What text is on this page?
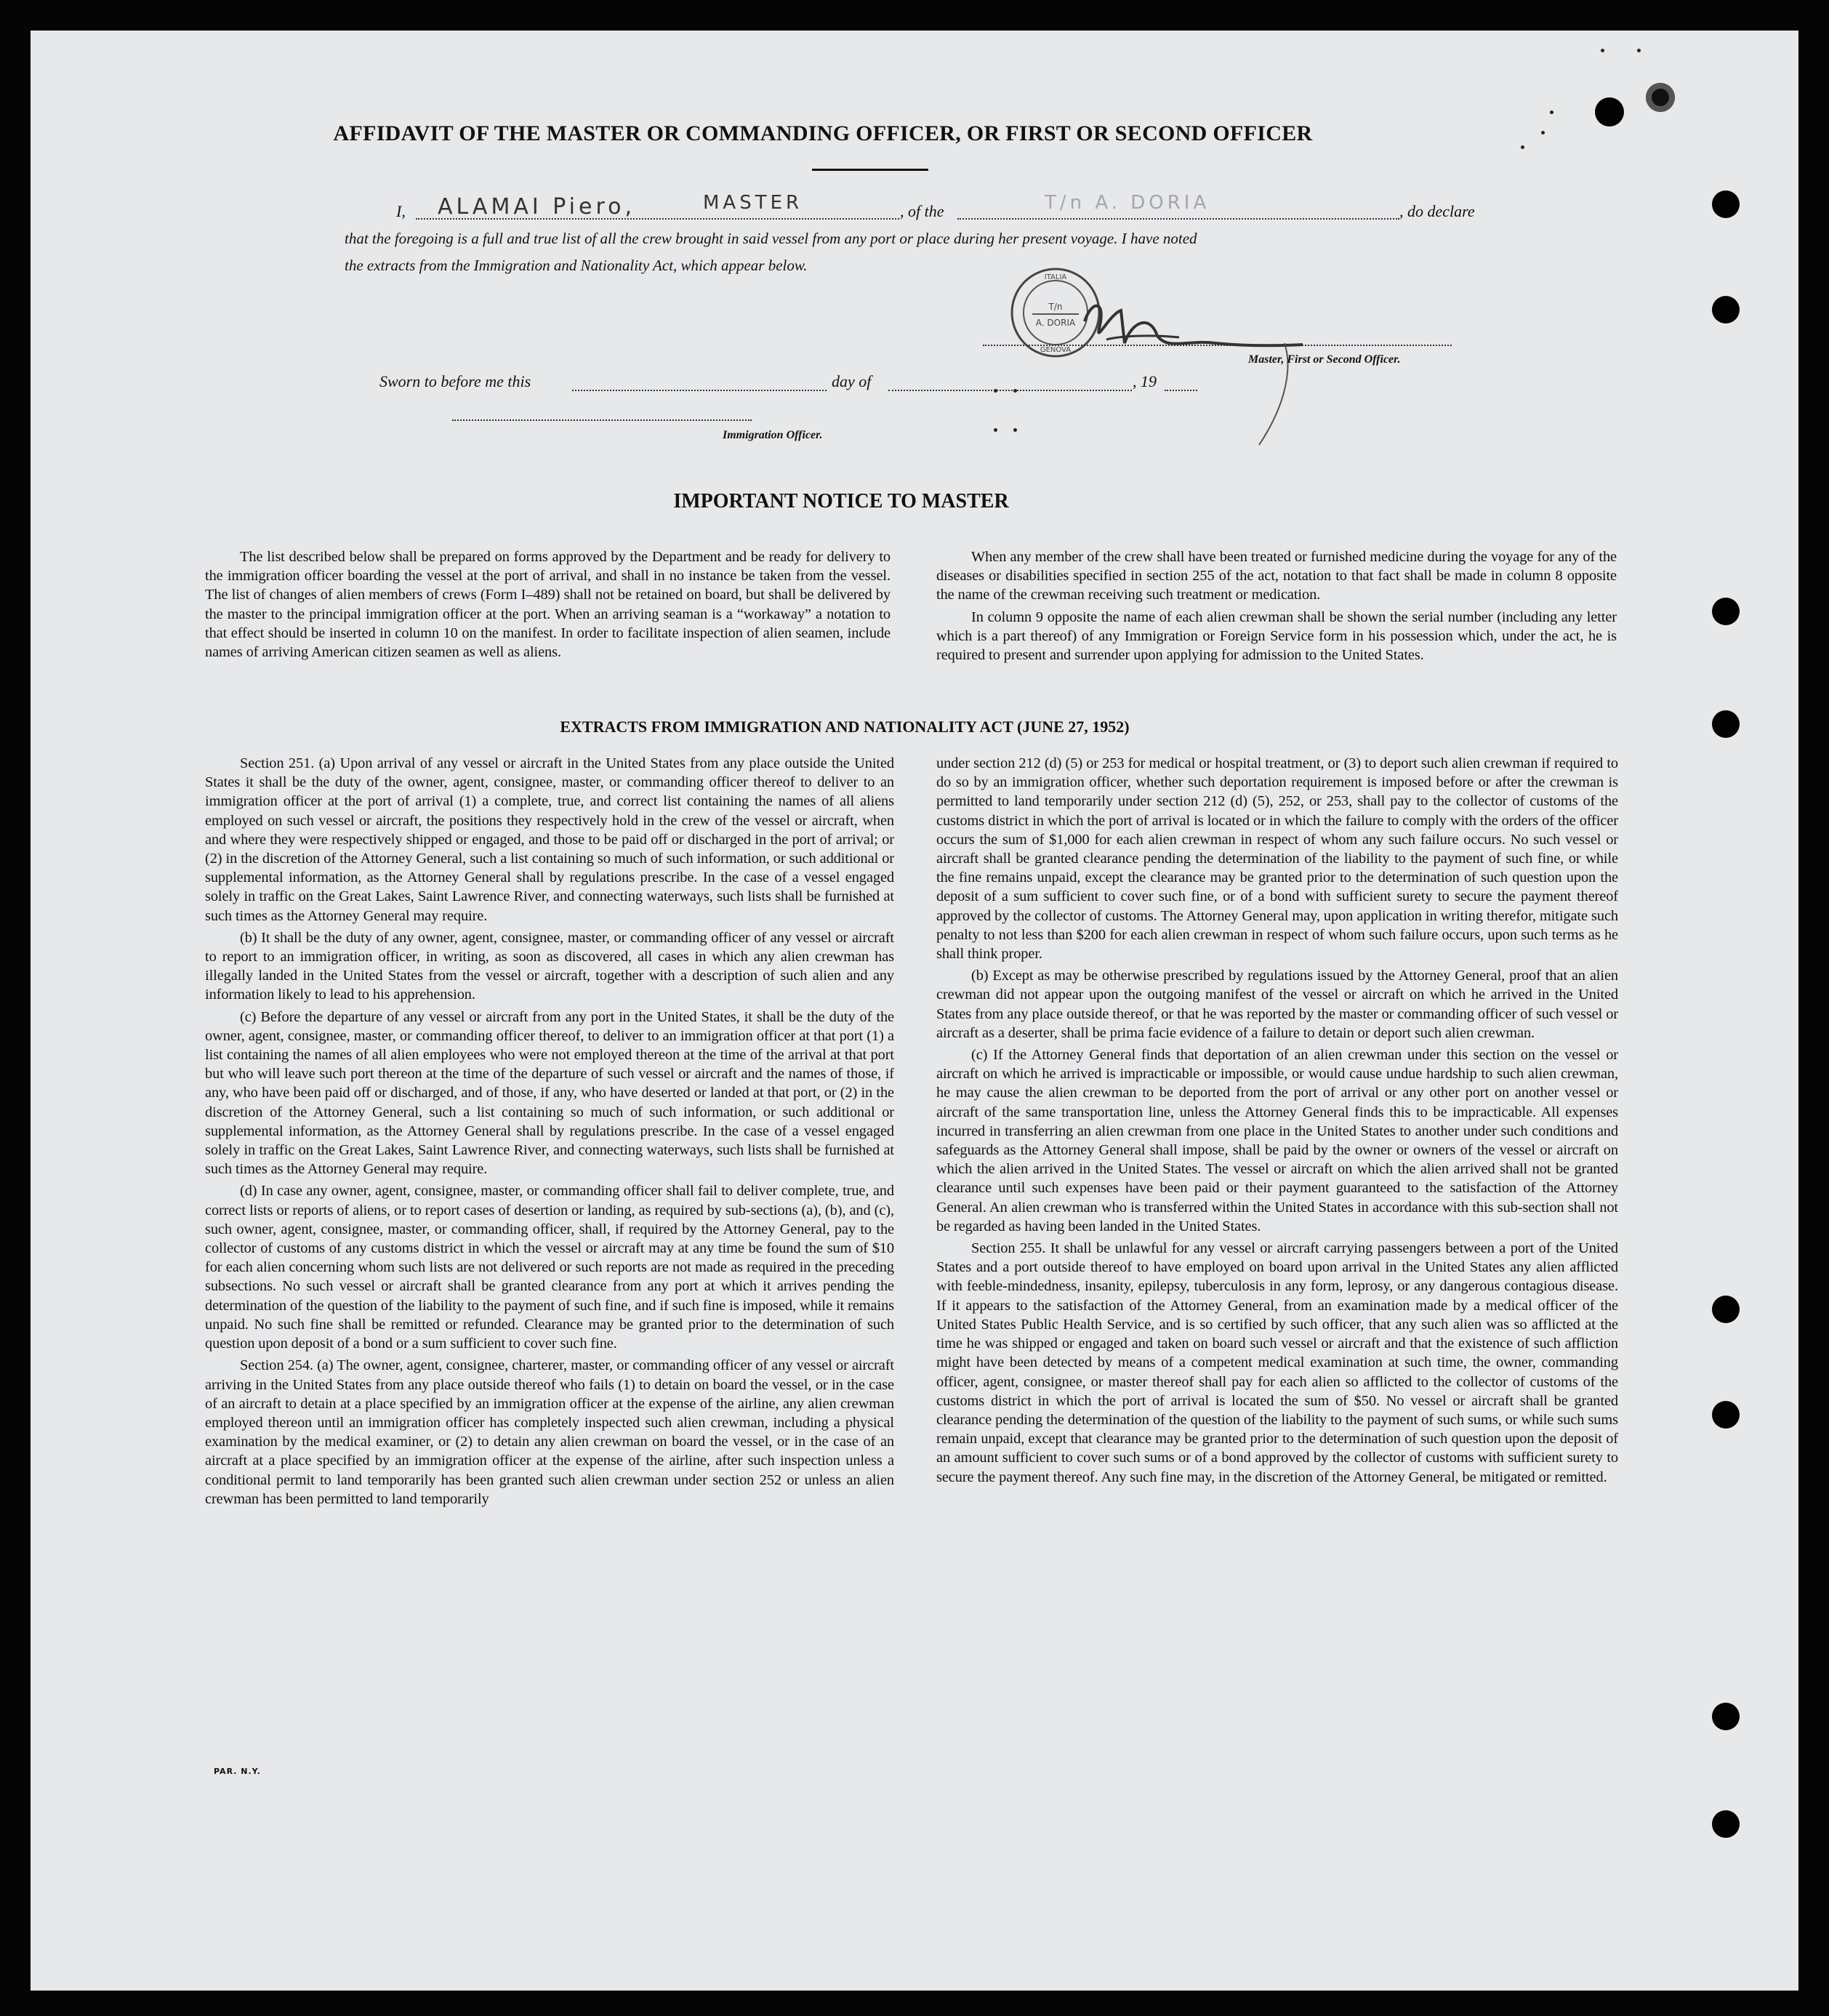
AFFIDAVIT OF THE MASTER OR COMMANDING OFFICER, OR FIRST OR SECOND OFFICER
I, ALAMAI Piero,	MASTER	, of the	T/n A. DORIA	, do declare
that the foregoing is a full and true list of all the crew brought in said vessel from any port or place during her present voyage. I have noted
the extracts from the Immigration and Nationality Act, which appear below.
T/n
A. DORIA
ITALIA
GENOVA
Master, First or Second Officer.
Sworn to before me this	day of	, 19
Immigration Officer.
IMPORTANT NOTICE TO MASTER

The list described below shall be prepared on forms approved by the Department and be ready for delivery to the immigration officer boarding the vessel at the port of arrival, and shall in no instance be taken from the vessel. The list of changes of alien members of crews (Form I–489) shall not be retained on board, but shall be delivered by the master to the principal immigration officer at the port. When an arriving seaman is a “workaway” a notation to that effect should be inserted in column 10 on the manifest. In order to facilitate inspection of alien seamen, include names of arriving American citizen seamen as well as aliens.

When any member of the crew shall have been treated or furnished medicine during the voyage for any of the diseases or disabilities specified in section 255 of the act, notation to that fact shall be made in column 8 opposite the name of the crewman receiving such treatment or medication.

In column 9 opposite the name of each alien crewman shall be shown the serial number (including any letter which is a part thereof) of any Immigration or Foreign Service form in his possession which, under the act, he is required to present and surrender upon applying for admission to the United States.

EXTRACTS FROM IMMIGRATION AND NATIONALITY ACT (JUNE 27, 1952)

Section 251. (a) Upon arrival of any vessel or aircraft in the United States from any place outside the United States it shall be the duty of the owner, agent, consignee, master, or commanding officer thereof to deliver to an immigration officer at the port of arrival (1) a complete, true, and correct list containing the names of all aliens employed on such vessel or aircraft, the positions they respectively hold in the crew of the vessel or aircraft, when and where they were respectively shipped or engaged, and those to be paid off or discharged in the port of arrival; or (2) in the discretion of the Attorney General, such a list containing so much of such information, or such additional or supplemental information, as the Attorney General shall by regulations prescribe. In the case of a vessel engaged solely in traffic on the Great Lakes, Saint Lawrence River, and connecting waterways, such lists shall be furnished at such times as the Attorney General may require.

(b) It shall be the duty of any owner, agent, consignee, master, or commanding officer of any vessel or aircraft to report to an immigration officer, in writing, as soon as discovered, all cases in which any alien crewman has illegally landed in the United States from the vessel or aircraft, together with a description of such alien and any information likely to lead to his apprehension.

(c) Before the departure of any vessel or aircraft from any port in the United States, it shall be the duty of the owner, agent, consignee, master, or commanding officer thereof, to deliver to an immigration officer at that port (1) a list containing the names of all alien employees who were not employed thereon at the time of the arrival at that port but who will leave such port thereon at the time of the departure of such vessel or aircraft and the names of those, if any, who have been paid off or discharged, and of those, if any, who have deserted or landed at that port, or (2) in the discretion of the Attorney General, such a list containing so much of such information, or such additional or supplemental information, as the Attorney General shall by regulations prescribe. In the case of a vessel engaged solely in traffic on the Great Lakes, Saint Lawrence River, and connecting waterways, such lists shall be furnished at such times as the Attorney General may require.

(d) In case any owner, agent, consignee, master, or commanding officer shall fail to deliver complete, true, and correct lists or reports of aliens, or to report cases of desertion or landing, as required by sub-sections (a), (b), and (c), such owner, agent, consignee, master, or commanding officer, shall, if required by the Attorney General, pay to the collector of customs of any customs district in which the vessel or aircraft may at any time be found the sum of $10 for each alien concerning whom such lists are not delivered or such reports are not made as required in the preceding subsections. No such vessel or aircraft shall be granted clearance from any port at which it arrives pending the determination of the question of the liability to the payment of such fine, and if such fine is imposed, while it remains unpaid. No such fine shall be remitted or refunded. Clearance may be granted prior to the determination of such question upon deposit of a bond or a sum sufficient to cover such fine.

Section 254. (a) The owner, agent, consignee, charterer, master, or commanding officer of any vessel or aircraft arriving in the United States from any place outside thereof who fails (1) to detain on board the vessel, or in the case of an aircraft to detain at a place specified by an immigration officer at the expense of the airline, any alien crewman employed thereon until an immigration officer has completely inspected such alien crewman, including a physical examination by the medical examiner, or (2) to detain any alien crewman on board the vessel, or in the case of an aircraft at a place specified by an immigration officer at the expense of the airline, after such inspection unless a conditional permit to land temporarily has been granted such alien crewman under section 252 or unless an alien crewman has been permitted to land temporarily

under section 212 (d) (5) or 253 for medical or hospital treatment, or (3) to deport such alien crewman if required to do so by an immigration officer, whether such deportation requirement is imposed before or after the crewman is permitted to land temporarily under section 212 (d) (5), 252, or 253, shall pay to the collector of customs of the customs district in which the port of arrival is located or in which the failure to comply with the orders of the officer occurs the sum of $1,000 for each alien crewman in respect of whom any such failure occurs. No such vessel or aircraft shall be granted clearance pending the determination of the liability to the payment of such fine, or while the fine remains unpaid, except the clearance may be granted prior to the determination of such question upon the deposit of a sum sufficient to cover such fine, or of a bond with sufficient surety to secure the payment thereof approved by the collector of customs. The Attorney General may, upon application in writing therefor, mitigate such penalty to not less than $200 for each alien crewman in respect of whom such failure occurs, upon such terms as he shall think proper.

(b) Except as may be otherwise prescribed by regulations issued by the Attorney General, proof that an alien crewman did not appear upon the outgoing manifest of the vessel or aircraft on which he arrived in the United States from any place outside thereof, or that he was reported by the master or commanding officer of such vessel or aircraft as a deserter, shall be prima facie evidence of a failure to detain or deport such alien crewman.

(c) If the Attorney General finds that deportation of an alien crewman under this section on the vessel or aircraft on which he arrived is impracticable or impossible, or would cause undue hardship to such alien crewman, he may cause the alien crewman to be deported from the port of arrival or any other port on another vessel or aircraft of the same transportation line, unless the Attorney General finds this to be impracticable. All expenses incurred in transferring an alien crewman from one place in the United States to another under such conditions and safeguards as the Attorney General shall impose, shall be paid by the owner or owners of the vessel or aircraft on which the alien arrived in the United States. The vessel or aircraft on which the alien arrived shall not be granted clearance until such expenses have been paid or their payment guaranteed to the satisfaction of the Attorney General. An alien crewman who is transferred within the United States in accordance with this sub-section shall not be regarded as having been landed in the United States.

Section 255. It shall be unlawful for any vessel or aircraft carrying passengers between a port of the United States and a port outside thereof to have employed on board upon arrival in the United States any alien afflicted with feeble-mindedness, insanity, epilepsy, tuberculosis in any form, leprosy, or any dangerous contagious disease. If it appears to the satisfaction of the Attorney General, from an examination made by a medical officer of the United States Public Health Service, and is so certified by such officer, that any such alien was so afflicted at the time he was shipped or engaged and taken on board such vessel or aircraft and that the existence of such affliction might have been detected by means of a competent medical examination at such time, the owner, commanding officer, agent, consignee, or master thereof shall pay for each alien so afflicted to the collector of customs of the customs district in which the port of arrival is located the sum of $50. No vessel or aircraft shall be granted clearance pending the determination of the question of the liability to the payment of such sums, or while such sums remain unpaid, except that clearance may be granted prior to the determination of such question upon the deposit of an amount sufficient to cover such sums or of a bond approved by the collector of customs with sufficient surety to secure the payment thereof. Any such fine may, in the discretion of the Attorney General, be mitigated or remitted.

PAR. N.Y.
